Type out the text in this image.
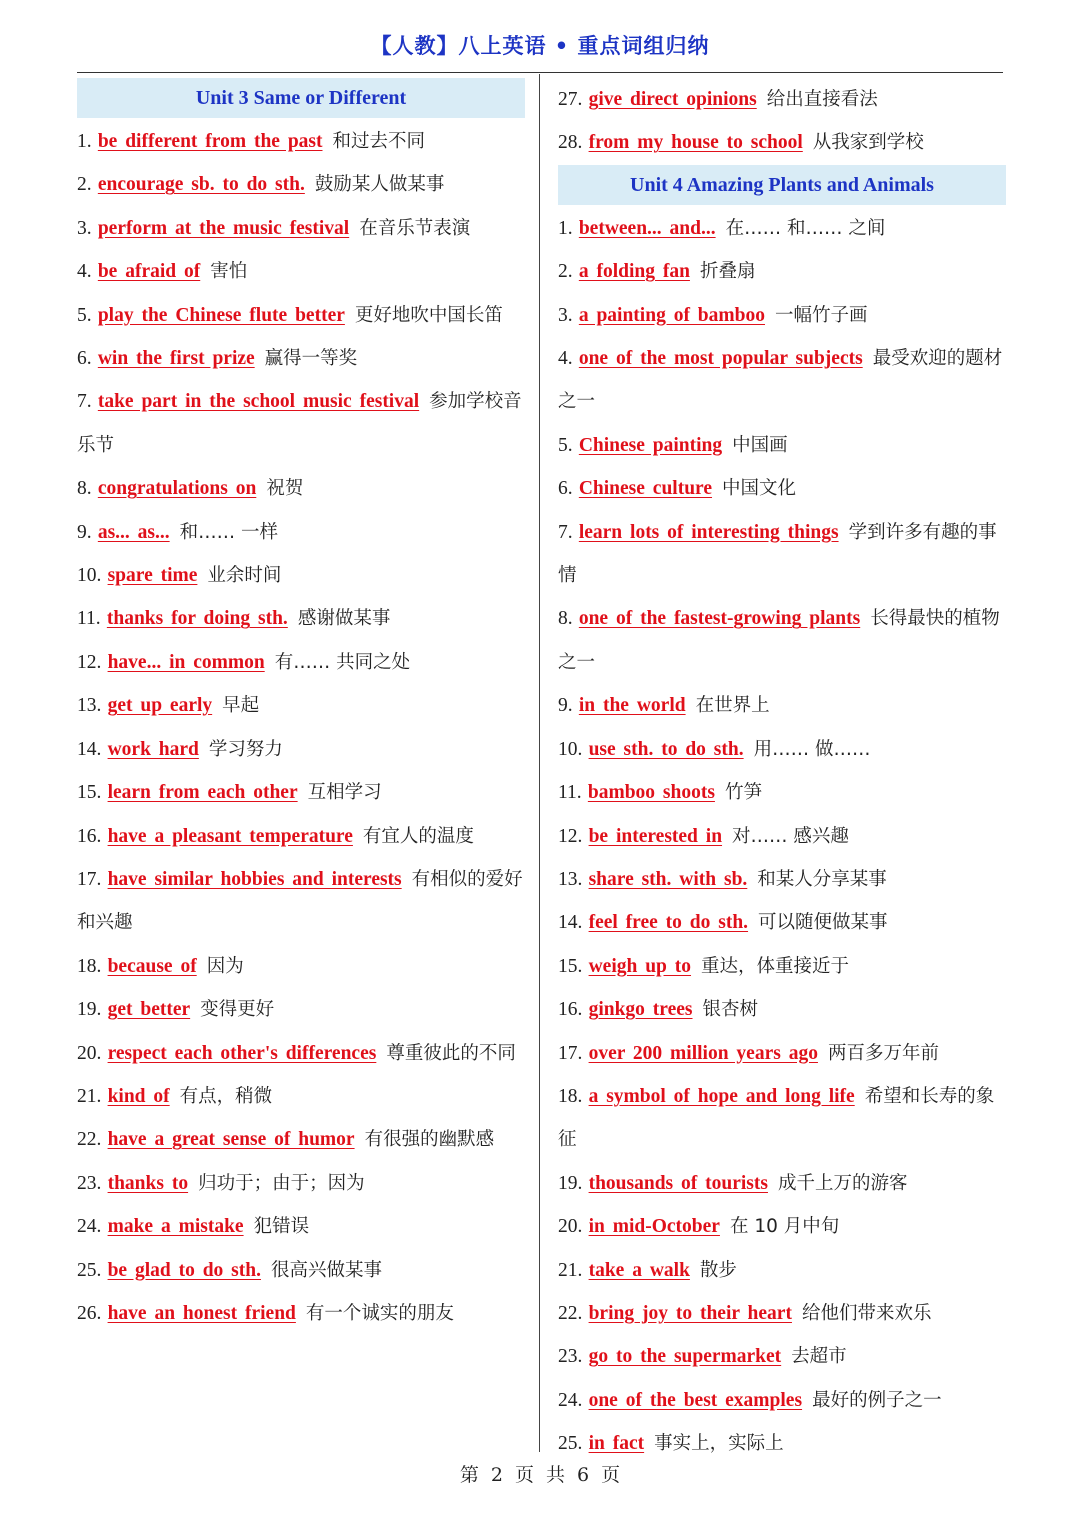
【人教】八上英语 • 重点词组归纳
Unit 3 Same or Different
1. be different from the past 和过去不同
2. encourage sb. to do sth. 鼓励某人做某事
3. perform at the music festival 在音乐节表演
4. be afraid of 害怕
5. play the Chinese flute better 更好地吹中国长笛
6. win the first prize 赢得一等奖
7. take part in the school music festival 参加学校音乐节
8. congratulations on 祝贺
9. as... as... 和…… 一样
10. spare time 业余时间
11. thanks for doing sth. 感谢做某事
12. have... in common 有…… 共同之处
13. get up early 早起
14. work hard 学习努力
15. learn from each other 互相学习
16. have a pleasant temperature 有宜人的温度
17. have similar hobbies and interests 有相似的爱好和兴趣
18. because of 因为
19. get better 变得更好
20. respect each other's differences 尊重彼此的不同
21. kind of 有点，稍微
22. have a great sense of humor 有很强的幽默感
23. thanks to 归功于；由于；因为
24. make a mistake 犯错误
25. be glad to do sth. 很高兴做某事
26. have an honest friend 有一个诚实的朋友
27. give direct opinions 给出直接看法
28. from my house to school 从我家到学校
Unit 4 Amazing Plants and Animals
1. between... and... 在…… 和…… 之间
2. a folding fan 折叠扇
3. a painting of bamboo 一幅竹子画
4. one of the most popular subjects 最受欢迎的题材之一
5. Chinese painting 中国画
6. Chinese culture 中国文化
7. learn lots of interesting things 学到许多有趣的事情
8. one of the fastest-growing plants 长得最快的植物之一
9. in the world 在世界上
10. use sth. to do sth. 用…… 做……
11. bamboo shoots 竹笋
12. be interested in 对…… 感兴趣
13. share sth. with sb. 和某人分享某事
14. feel free to do sth. 可以随便做某事
15. weigh up to 重达，体重接近于
16. ginkgo trees 银杏树
17. over 200 million years ago 两百多万年前
18. a symbol of hope and long life 希望和长寿的象征
19. thousands of tourists 成千上万的游客
20. in mid-October 在 10 月中旬
21. take a walk 散步
22. bring joy to their heart 给他们带来欢乐
23. go to the supermarket 去超市
24. one of the best examples 最好的例子之一
25. in fact 事实上，实际上
第 2 页 共 6 页
